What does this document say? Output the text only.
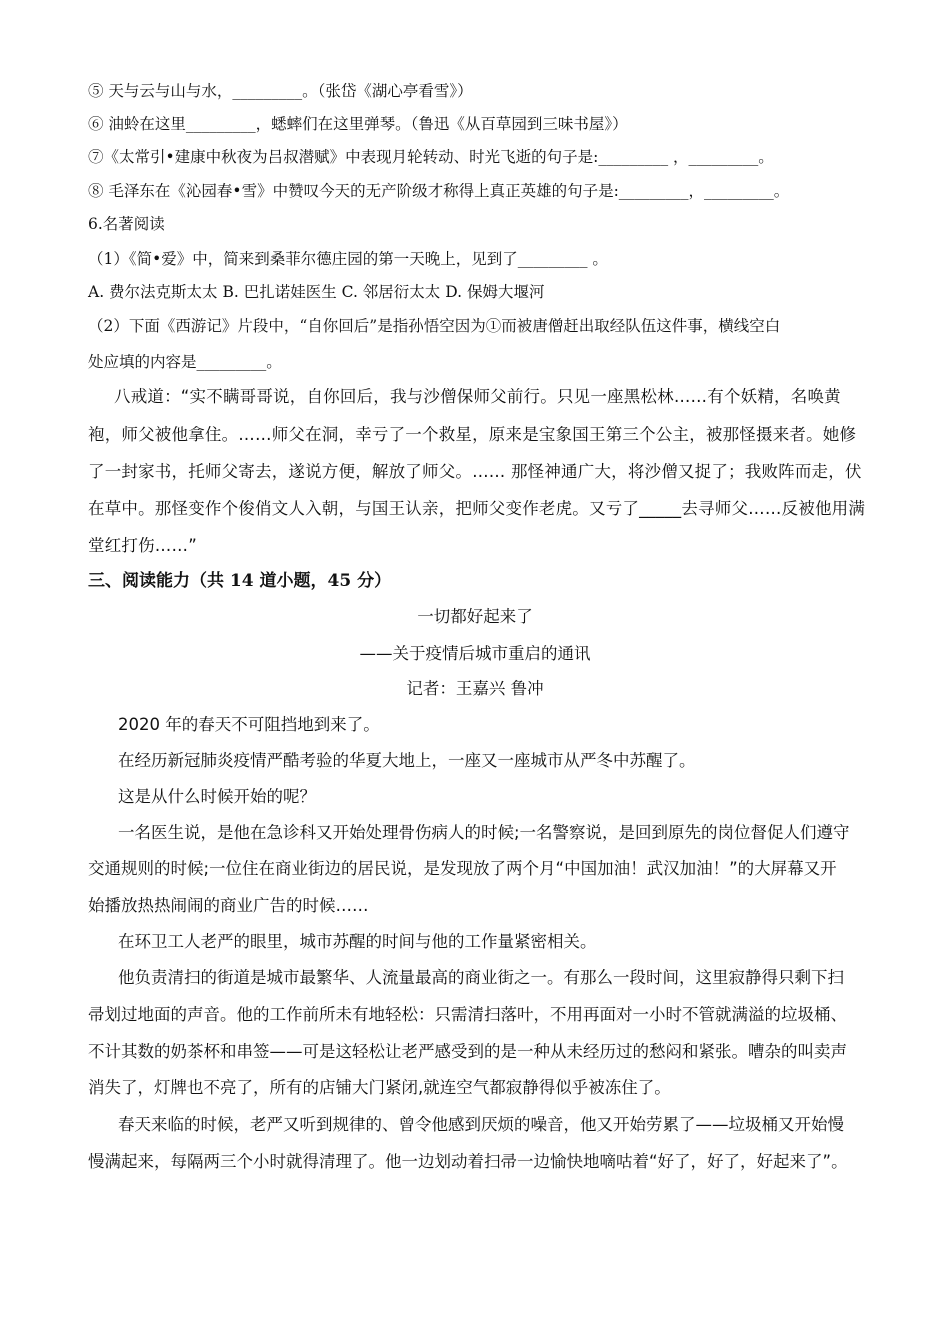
⑤ 天与云与山与水，_________。（张岱《湖心亭看雪》）
⑥ 油蛉在这里_________，蟋蟀们在这里弹琴。（鲁迅《从百草园到三味书屋》）
⑦《太常引•建康中秋夜为吕叔潜赋》中表现月轮转动、时光飞逝的句子是:_________ ，_________。
⑧ 毛泽东在《沁园春•雪》中赞叹今天的无产阶级才称得上真正英雄的句子是:_________，_________。
6.名著阅读
（1）《简•爱》中，简来到桑菲尔德庄园的第一天晚上，见到了_________ 。
A. 费尔法克斯太太 B. 巴扎诺娃医生 C. 邻居衍太太 D. 保姆大堰河
（2）下面《西游记》片段中，“自你回后”是指孙悟空因为①而被唐僧赶出取经队伍这件事，横线空白
处应填的内容是_________。
八戒道：“实不瞒哥哥说，自你回后，我与沙僧保师父前行。只见一座黑松林……有个妖精，名唤黄
袍，师父被他拿住。……师父在洞，幸亏了一个救星，原来是宝象国王第三个公主，被那怪摄来者。她修
了一封家书，托师父寄去，遂说方便，解放了师父。…… 那怪神通广大，将沙僧又捉了；我败阵而走，伏
在草中。那怪变作个俊俏文人入朝，与国王认亲，把师父变作老虎。又亏了_____去寻师父……反被他用满
堂红打伤……”
三、阅读能力（共 14 道小题，45 分）
一切都好起来了
——关于疫情后城市重启的通讯
记者：王嘉兴 鲁冲
2020 年的春天不可阻挡地到来了。
在经历新冠肺炎疫情严酷考验的华夏大地上，一座又一座城市从严冬中苏醒了。
这是从什么时候开始的呢？
一名医生说，是他在急诊科又开始处理骨伤病人的时候;一名警察说，是回到原先的岗位督促人们遵守
交通规则的时候;一位住在商业街边的居民说，是发现放了两个月“中国加油！武汉加油！”的大屏幕又开
始播放热热闹闹的商业广告的时候……
在环卫工人老严的眼里，城市苏醒的时间与他的工作量紧密相关。
他负责清扫的街道是城市最繁华、人流量最高的商业街之一。有那么一段时间，这里寂静得只剩下扫
帚划过地面的声音。他的工作前所未有地轻松：只需清扫落叶，不用再面对一小时不管就满溢的垃圾桶、
不计其数的奶茶杯和串签——可是这轻松让老严感受到的是一种从未经历过的愁闷和紧张。嘈杂的叫卖声
消失了，灯牌也不亮了，所有的店铺大门紧闭,就连空气都寂静得似乎被冻住了。
春天来临的时候，老严又听到规律的、曾令他感到厌烦的噪音，他又开始劳累了——垃圾桶又开始慢
慢满起来，每隔两三个小时就得清理了。他一边划动着扫帚一边愉快地嘀咕着“好了，好了，好起来了”。
